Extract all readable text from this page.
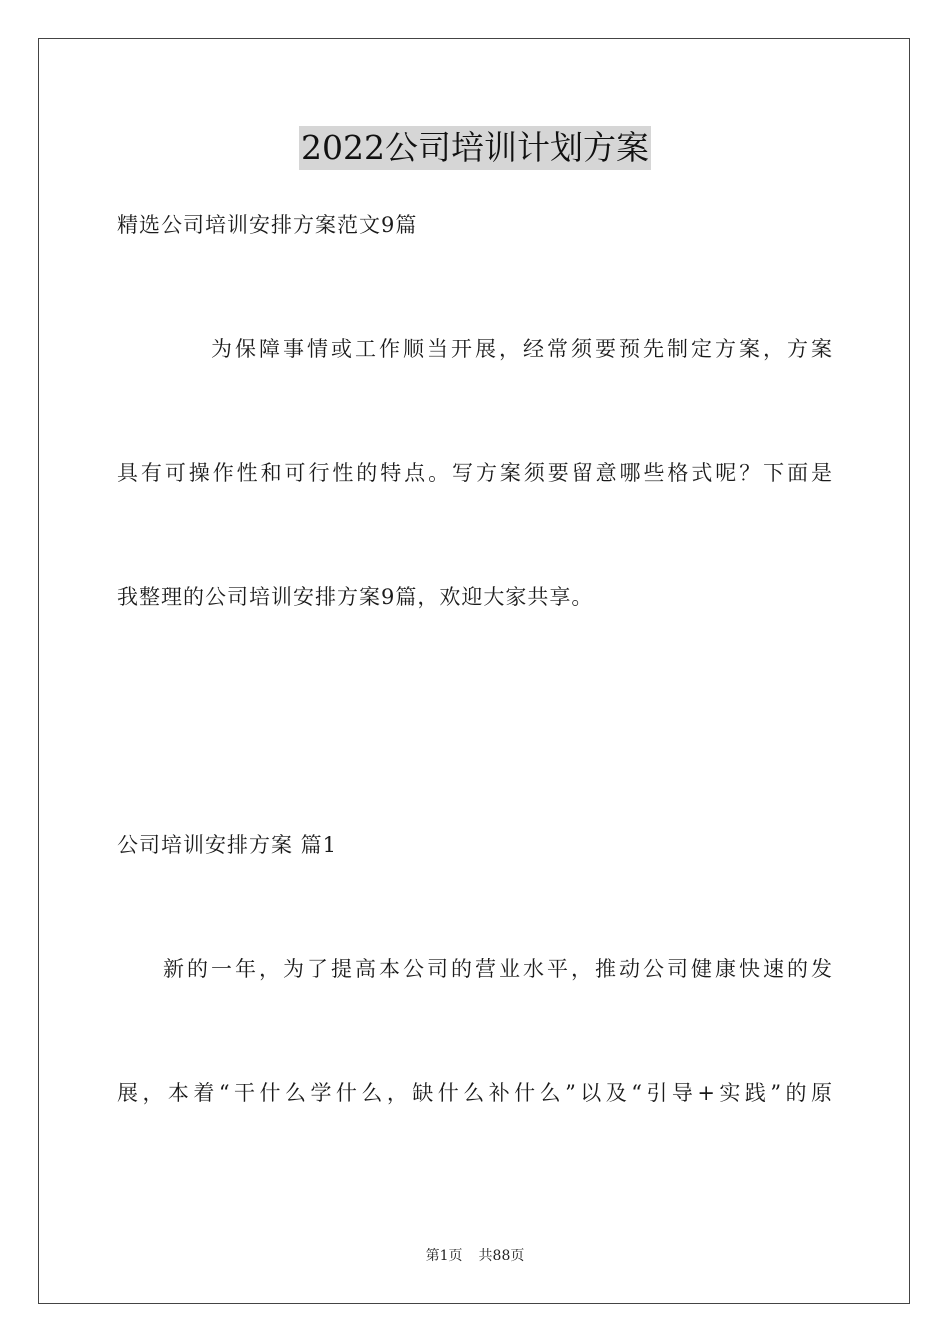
2022公司培训计划方案
精选公司培训安排方案范文9篇
为保障事情或工作顺当开展，经常须要预先制定方案，方案
具有可操作性和可行性的特点。写方案须要留意哪些格式呢？下面是
我整理的公司培训安排方案9篇，欢迎大家共享。
公司培训安排方案 篇1
新的一年，为了提高本公司的营业水平，推动公司健康快速的发
展，本着“干什么学什么，缺什么补什么”以及“引导+实践”的原
第1页 共88页
